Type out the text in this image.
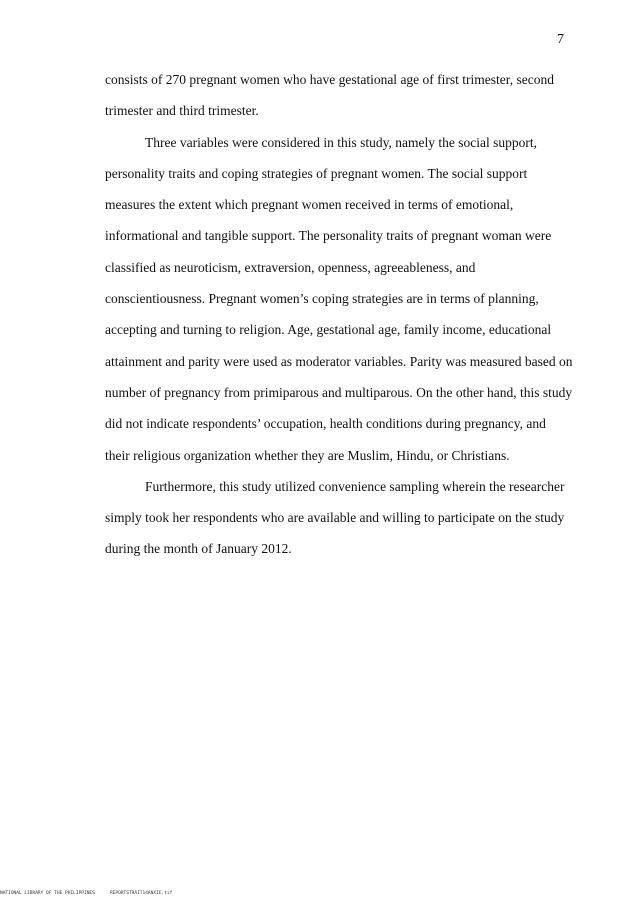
7

consists of 270 pregnant women who have gestational age of first trimester, second
trimester and third trimester.

Three variables were considered in this study, namely the social support,
personality traits and coping strategies of pregnant women. The social support
measures the extent which pregnant women received in terms of emotional,
informational and tangible support. The personality traits of pregnant woman were
classified as neuroticism, extraversion, openness, agreeableness, and
conscientiousness. Pregnant women’s coping strategies are in terms of planning,
accepting and turning to religion. Age, gestational age, family income, educational
attainment and parity were used as moderator variables. Parity was measured based on
number of pregnancy from primiparous and multiparous. On the other hand, this study
did not indicate respondents’ occupation, health conditions during pregnancy, and
their religious organization whether they are Muslim, Hindu, or Christians.

Furthermore, this study utilized convenience sampling wherein the researcher
simply took her respondents who are available and willing to participate on the study
during the month of January 2012.

NATIONAL LIBRARY OF THE PHILIPPINES	REPORTSTRAIT14ANXIE.tif
